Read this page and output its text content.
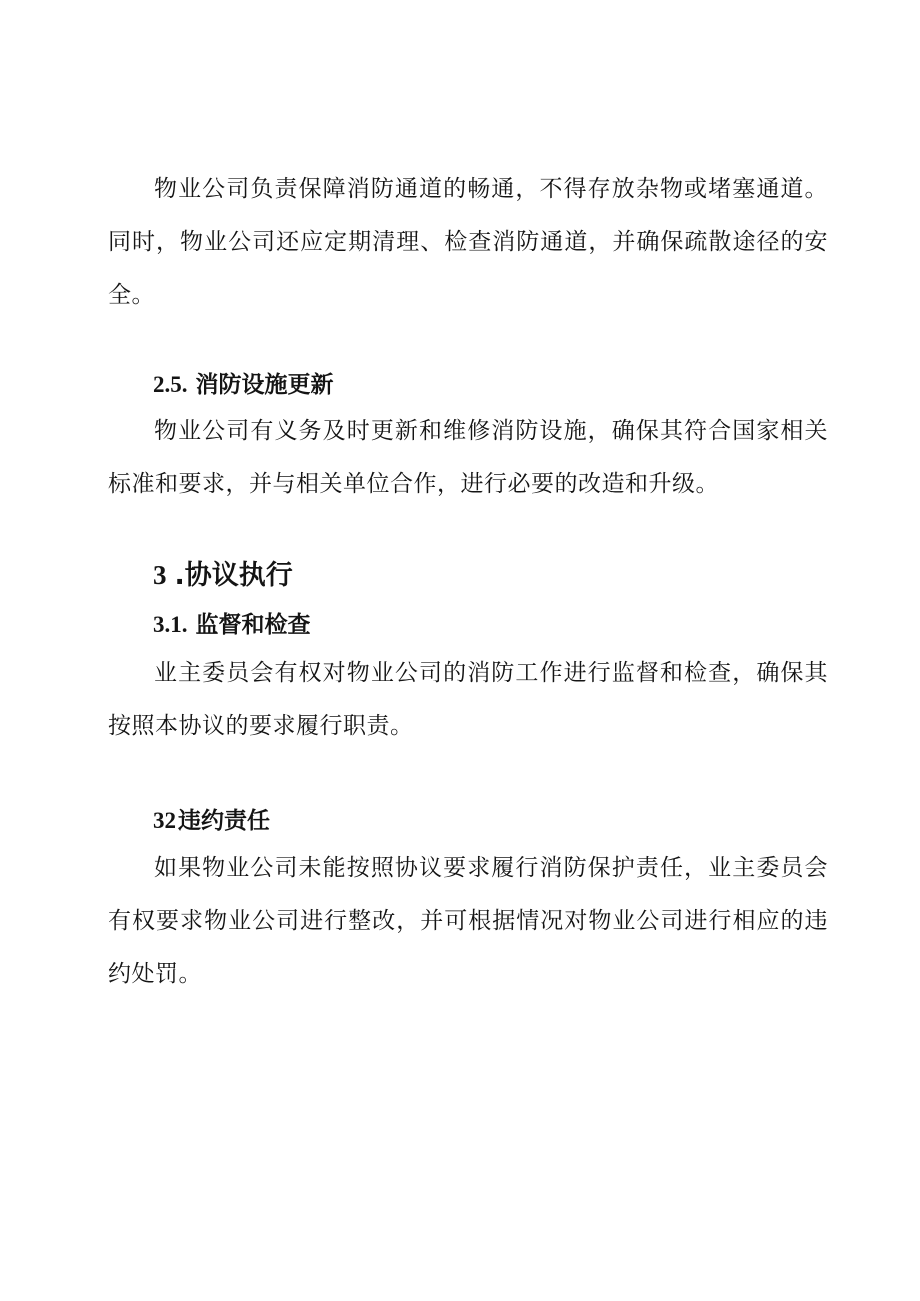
物业公司负责保障消防通道的畅通，不得存放杂物或堵塞通道。同时，物业公司还应定期清理、检查消防通道，并确保疏散途径的安全。

2.5. 消防设施更新

物业公司有义务及时更新和维修消防设施，确保其符合国家相关标准和要求，并与相关单位合作，进行必要的改造和升级。

3 .协议执行
3.1. 监督和检查

业主委员会有权对物业公司的消防工作进行监督和检查，确保其按照本协议的要求履行职责。

32违约责任

如果物业公司未能按照协议要求履行消防保护责任，业主委员会有权要求物业公司进行整改，并可根据情况对物业公司进行相应的违约处罚。
